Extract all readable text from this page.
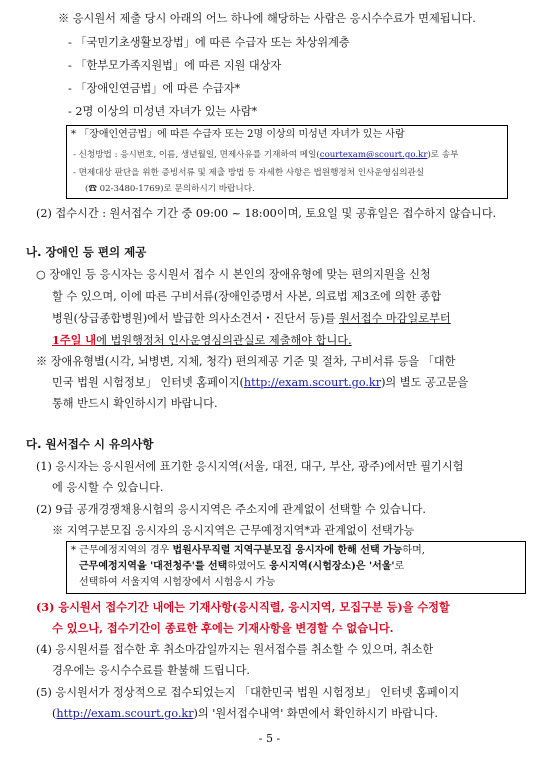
※ 응시원서 제출 당시 아래의 어느 하나에 해당하는 사람은 응시수수료가 면제됩니다.
- 「국민기초생활보장법」에 따른 수급자 또는 차상위계층
- 「한부모가족지원법」에 따른 지원 대상자
- 「장애인연금법」에 따른 수급자*
- 2명 이상의 미성년 자녀가 있는 사람*
* 「장애인연금법」에 따른 수급자 또는 2명 이상의 미성년 자녀가 있는 사람
- 신청방법 : 응시번호, 이름, 생년월일, 면제사유를 기재하여 메일(courtexam@scourt.go.kr)로 송부
- 면제대상 판단을 위한 증빙서류 및 제출 방법 등 자세한 사항은 법원행정처 인사운영심의관실
(☎ 02-3480-1769)로 문의하시기 바랍니다.
(2) 접수시간 : 원서접수 기간 중 09:00 ~ 18:00이며, 토요일 및 공휴일은 접수하지 않습니다.
나. 장애인 등 편의 제공
○ 장애인 등 응시자는 응시원서 접수 시 본인의 장애유형에 맞는 편의지원을 신청
할 수 있으며, 이에 따른 구비서류(장애인증명서 사본, 의료법 제3조에 의한 종합
병원(상급종합병원)에서 발급한 의사소견서・진단서 등)를 원서접수 마감일로부터
1주일 내에 법원행정처 인사운영심의관실로 제출해야 합니다.
※ 장애유형별(시각, 뇌병변, 지체, 청각) 편의제공 기준 및 절차, 구비서류 등을 「대한
민국 법원 시험정보」 인터넷 홈페이지(http://exam.scourt.go.kr)의 별도 공고문을
통해 반드시 확인하시기 바랍니다.
다. 원서접수 시 유의사항
(1) 응시자는 응시원서에 표기한 응시지역(서울, 대전, 대구, 부산, 광주)에서만 필기시험
에 응시할 수 있습니다.
(2) 9급 공개경쟁채용시험의 응시지역은 주소지에 관계없이 선택할 수 있습니다.
※ 지역구분모집 응시자의 응시지역은 근무예정지역*과 관계없이 선택가능
* 근무예정지역의 경우 법원사무직렬 지역구분모집 응시자에 한해 선택 가능하며,
근무예정지역을 '대전청주'를 선택하였어도 응시지역(시험장소)은 '서울'로
선택하여 서울지역 시험장에서 시험응시 가능
(3) 응시원서 접수기간 내에는 기재사항(응시직렬, 응시지역, 모집구분 등)을 수정할
수 있으나, 접수기간이 종료한 후에는 기재사항을 변경할 수 없습니다.
(4) 응시원서를 접수한 후 취소마감일까지는 원서접수를 취소할 수 있으며, 취소한
경우에는 응시수수료를 환불해 드립니다.
(5) 응시원서가 정상적으로 접수되었는지 「대한민국 법원 시험정보」 인터넷 홈페이지
(http://exam.scourt.go.kr)의 '원서접수내역' 화면에서 확인하시기 바랍니다.
- 5 -
